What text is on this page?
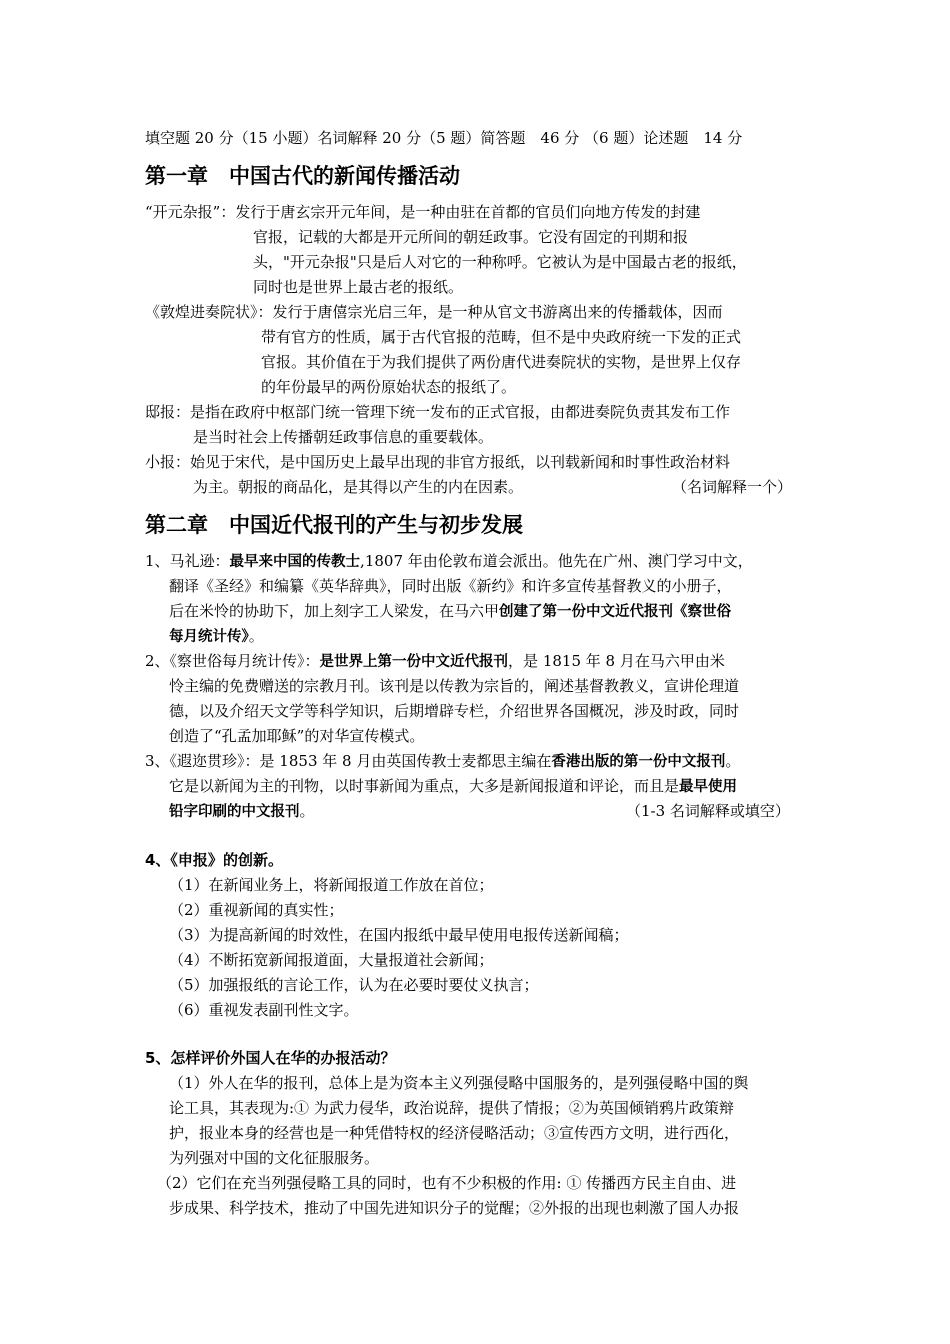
填空题 20 分（15 小题）名词解释 20 分（5 题）简答题　46 分 （6 题）论述题　14 分
第一章　中国古代的新闻传播活动
“开元杂报”：发行于唐玄宗开元年间，是一种由驻在首都的官员们向地方传发的封建
官报，记载的大都是开元所间的朝廷政事。它没有固定的刊期和报
头，"开元杂报"只是后人对它的一种称呼。它被认为是中国最古老的报纸，
同时也是世界上最古老的报纸。
《敦煌进奏院状》：发行于唐僖宗光启三年，是一种从官文书游离出来的传播载体，因而
带有官方的性质，属于古代官报的范畴，但不是中央政府统一下发的正式
官报。其价值在于为我们提供了两份唐代进奏院状的实物，是世界上仅存
的年份最早的两份原始状态的报纸了。
邸报：是指在政府中枢部门统一管理下统一发布的正式官报，由都进奏院负责其发布工作
是当时社会上传播朝廷政事信息的重要载体。
小报：始见于宋代，是中国历史上最早出现的非官方报纸，以刊载新闻和时事性政治材料
为主。朝报的商品化，是其得以产生的内在因素。	（名词解释一个）
第二章　中国近代报刊的产生与初步发展
1、马礼逊：最早来中国的传教士,1807 年由伦敦布道会派出。他先在广州、澳门学习中文，
翻译《圣经》和编纂《英华辞典》，同时出版《新约》和许多宣传基督教义的小册子，
后在米怜的协助下，加上刻字工人梁发，在马六甲创建了第一份中文近代报刊《察世俗
每月统计传》。
2、《察世俗每月统计传》：是世界上第一份中文近代报刊，是 1815 年 8 月在马六甲由米
怜主编的免费赠送的宗教月刊。该刊是以传教为宗旨的，阐述基督教教义，宣讲伦理道
德，以及介绍天文学等科学知识，后期增辟专栏，介绍世界各国概况，涉及时政，同时
创造了“孔孟加耶稣”的对华宣传模式。
3、《遐迩贯珍》：是 1853 年 8 月由英国传教士麦都思主编在香港出版的第一份中文报刊。
它是以新闻为主的刊物，以时事新闻为重点，大多是新闻报道和评论，而且是最早使用
铅字印刷的中文报刊。	（1-3 名词解释或填空）
4、《申报》的创新。
（1）在新闻业务上，将新闻报道工作放在首位；
（2）重视新闻的真实性；
（3）为提高新闻的时效性，在国内报纸中最早使用电报传送新闻稿；
（4）不断拓宽新闻报道面，大量报道社会新闻；
（5）加强报纸的言论工作，认为在必要时要仗义执言；
（6）重视发表副刊性文字。
5、怎样评价外国人在华的办报活动？
（1）外人在华的报刊，总体上是为资本主义列强侵略中国服务的，是列强侵略中国的舆
论工具，其表现为:① 为武力侵华，政治说辞，提供了情报；②为英国倾销鸦片政策辩
护，报业本身的经营也是一种凭借特权的经济侵略活动；③宣传西方文明，进行西化，
为列强对中国的文化征服服务。
（2）它们在充当列强侵略工具的同时，也有不少积极的作用: ① 传播西方民主自由、进
步成果、科学技术，推动了中国先进知识分子的觉醒；②外报的出现也刺激了国人办报
